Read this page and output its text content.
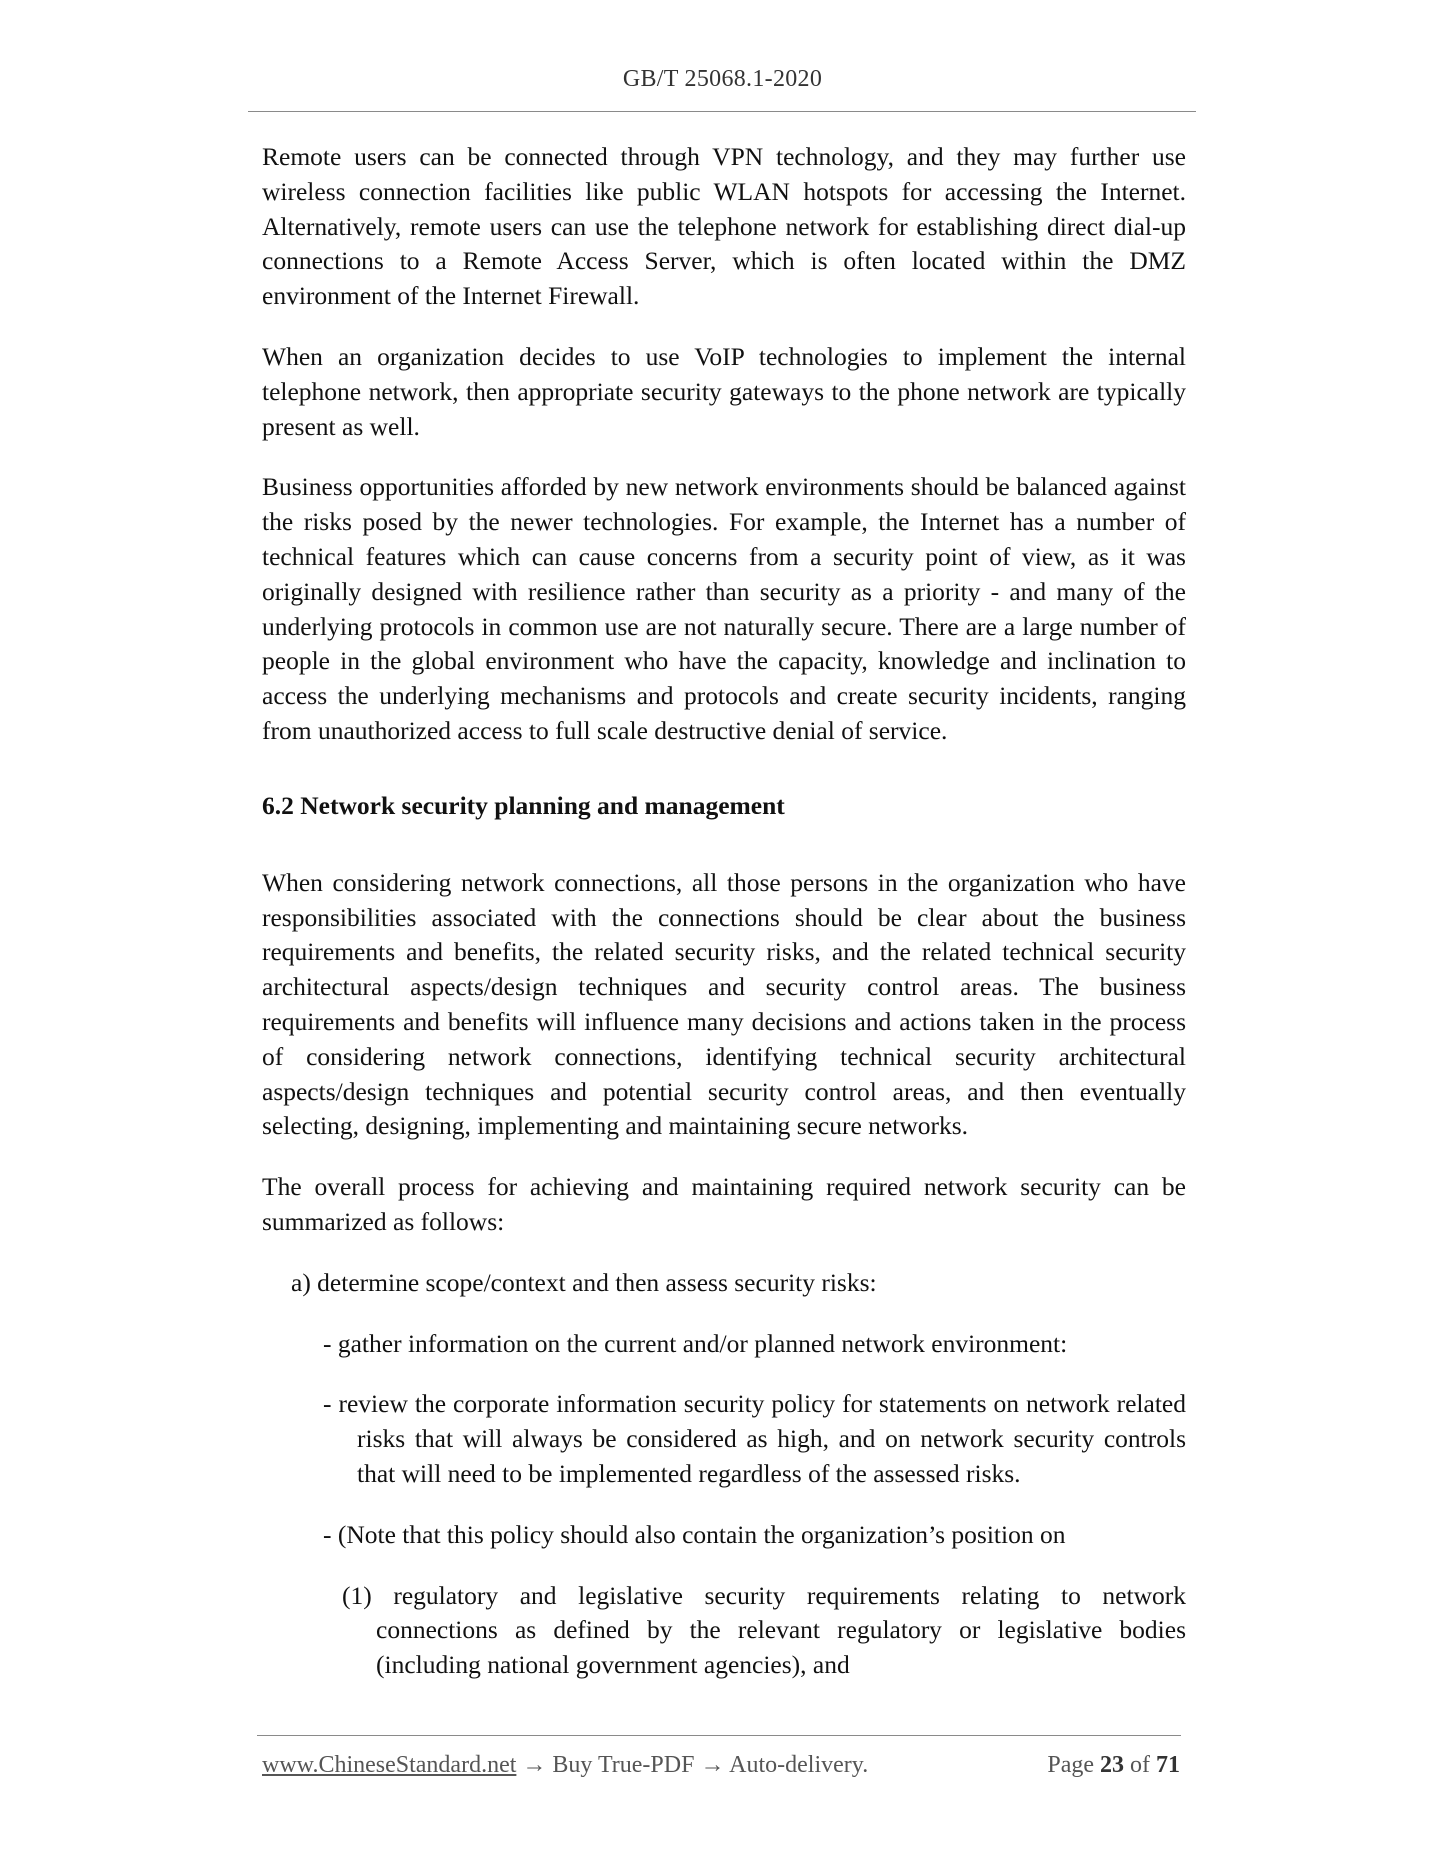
GB/T 25068.1-2020

Remote users can be connected through VPN technology, and they may further use wireless connection facilities like public WLAN hotspots for accessing the Internet. Alternatively, remote users can use the telephone network for establishing direct dial-up connections to a Remote Access Server, which is often located within the DMZ environment of the Internet Firewall.

When an organization decides to use VoIP technologies to implement the internal telephone network, then appropriate security gateways to the phone network are typically present as well.

Business opportunities afforded by new network environments should be balanced against the risks posed by the newer technologies. For example, the Internet has a number of technical features which can cause concerns from a security point of view, as it was originally designed with resilience rather than security as a priority - and many of the underlying protocols in common use are not naturally secure. There are a large number of people in the global environment who have the capacity, knowledge and inclination to access the underlying mechanisms and protocols and create security incidents, ranging from unauthorized access to full scale destructive denial of service.

6.2 Network security planning and management

When considering network connections, all those persons in the organization who have responsibilities associated with the connections should be clear about the business requirements and benefits, the related security risks, and the related technical security architectural aspects/design techniques and security control areas. The business requirements and benefits will influence many decisions and actions taken in the process of considering network connections, identifying technical security architectural aspects/design techniques and potential security control areas, and then eventually selecting, designing, implementing and maintaining secure networks.

The overall process for achieving and maintaining required network security can be summarized as follows:

a) determine scope/context and then assess security risks:

- gather information on the current and/or planned network environment:

- review the corporate information security policy for statements on network related risks that will always be considered as high, and on network security controls that will need to be implemented regardless of the assessed risks.

- (Note that this policy should also contain the organization’s position on

(1) regulatory and legislative security requirements relating to network connections as defined by the relevant regulatory or legislative bodies (including national government agencies), and

www.ChineseStandard.net → Buy True-PDF → Auto-delivery.	Page 23 of 71
